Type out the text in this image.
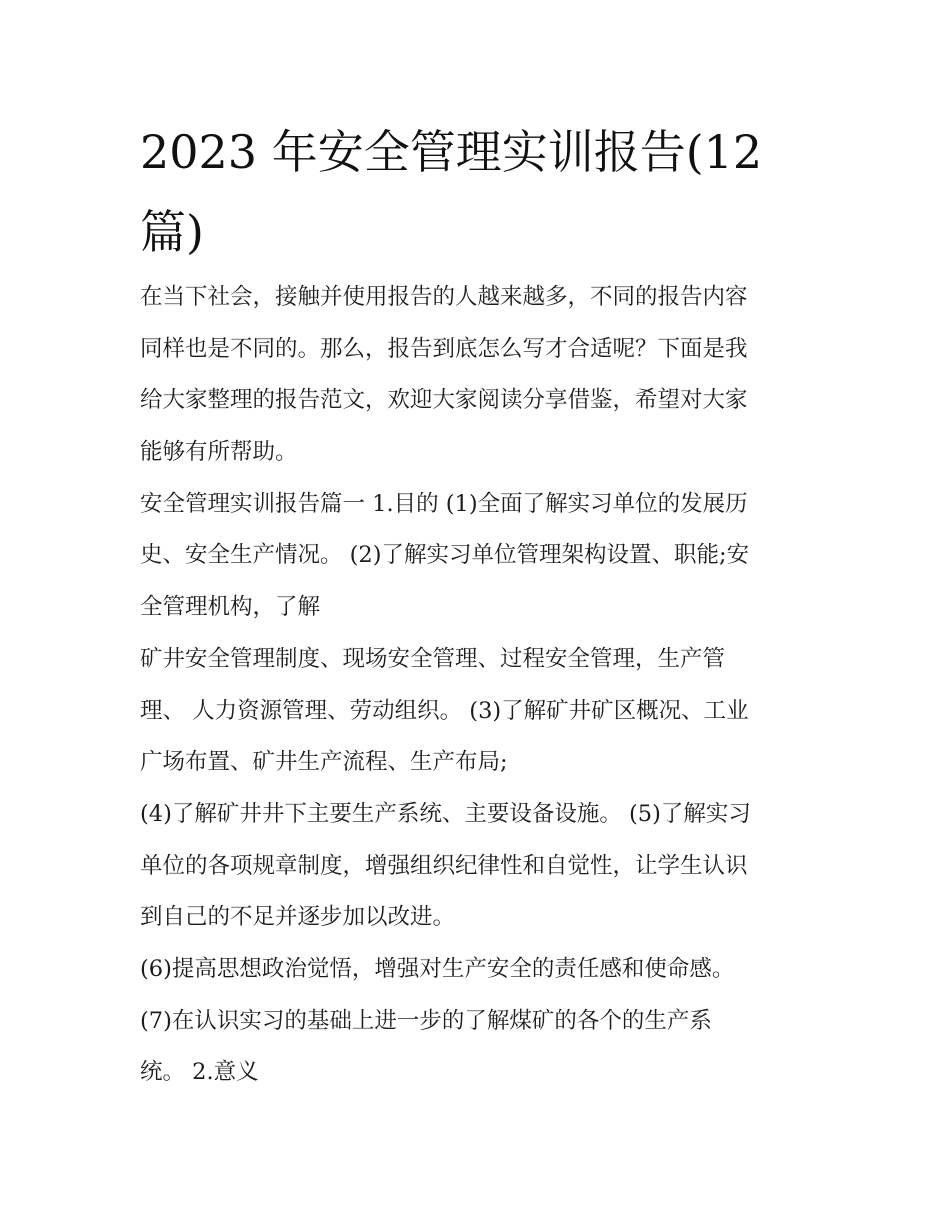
2023 年安全管理实训报告(12
篇)
在当下社会，接触并使用报告的人越来越多，不同的报告内容
同样也是不同的。那么，报告到底怎么写才合适呢？下面是我
给大家整理的报告范文，欢迎大家阅读分享借鉴，希望对大家
能够有所帮助。
安全管理实训报告篇一 1.目的 (1)全面了解实习单位的发展历
史、安全生产情况。 (2)了解实习单位管理架构设置、职能;安
全管理机构，了解
矿井安全管理制度、现场安全管理、过程安全管理，生产管
理、 人力资源管理、劳动组织。 (3)了解矿井矿区概况、工业
广场布置、矿井生产流程、生产布局;
(4)了解矿井井下主要生产系统、主要设备设施。 (5)了解实习
单位的各项规章制度，增强组织纪律性和自觉性，让学生认识
到自己的不足并逐步加以改进。
(6)提高思想政治觉悟，增强对生产安全的责任感和使命感。
(7)在认识实习的基础上进一步的了解煤矿的各个的生产系
统。 2.意义
